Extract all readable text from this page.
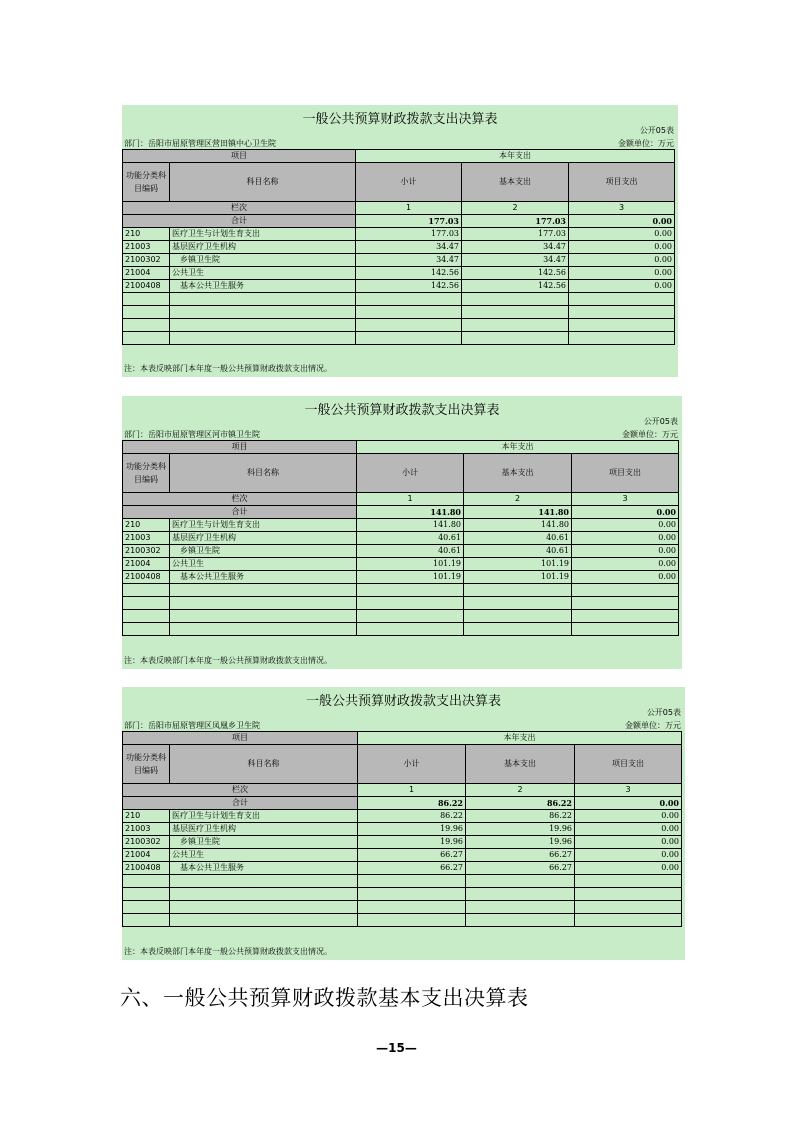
一般公共预算财政拨款支出决算表
公开05表
部门：岳阳市屈原管理区营田镇中心卫生院	金额单位：万元
项目		本年支出		
功能分类科目编码	科目名称	小计	基本支出	项目支出
栏次		1	2	3
合计		177.03	177.03	0.00
210	医疗卫生与计划生育支出	177.03	177.03	0.00
21003	基层医疗卫生机构	34.47	34.47	0.00
2100302	乡镇卫生院	34.47	34.47	0.00
21004	公共卫生	142.56	142.56	0.00
2100408	基本公共卫生服务	142.56	142.56	0.00

注：本表反映部门本年度一般公共预算财政拨款支出情况。
一般公共预算财政拨款支出决算表
公开05表
部门：岳阳市屈原管理区河市镇卫生院	金额单位：万元
项目		本年支出		
功能分类科目编码	科目名称	小计	基本支出	项目支出
栏次		1	2	3
合计		141.80	141.80	0.00
210	医疗卫生与计划生育支出	141.80	141.80	0.00
21003	基层医疗卫生机构	40.61	40.61	0.00
2100302	乡镇卫生院	40.61	40.61	0.00
21004	公共卫生	101.19	101.19	0.00
2100408	基本公共卫生服务	101.19	101.19	0.00

注：本表反映部门本年度一般公共预算财政拨款支出情况。
一般公共预算财政拨款支出决算表
公开05表
部门：岳阳市屈原管理区凤凰乡卫生院	金额单位：万元
项目		本年支出		
功能分类科目编码	科目名称	小计	基本支出	项目支出
栏次		1	2	3
合计		86.22	86.22	0.00
210	医疗卫生与计划生育支出	86.22	86.22	0.00
21003	基层医疗卫生机构	19.96	19.96	0.00
2100302	乡镇卫生院	19.96	19.96	0.00
21004	公共卫生	66.27	66.27	0.00
2100408	基本公共卫生服务	66.27	66.27	0.00

注：本表反映部门本年度一般公共预算财政拨款支出情况。
六、一般公共预算财政拨款基本支出决算表
—15—
